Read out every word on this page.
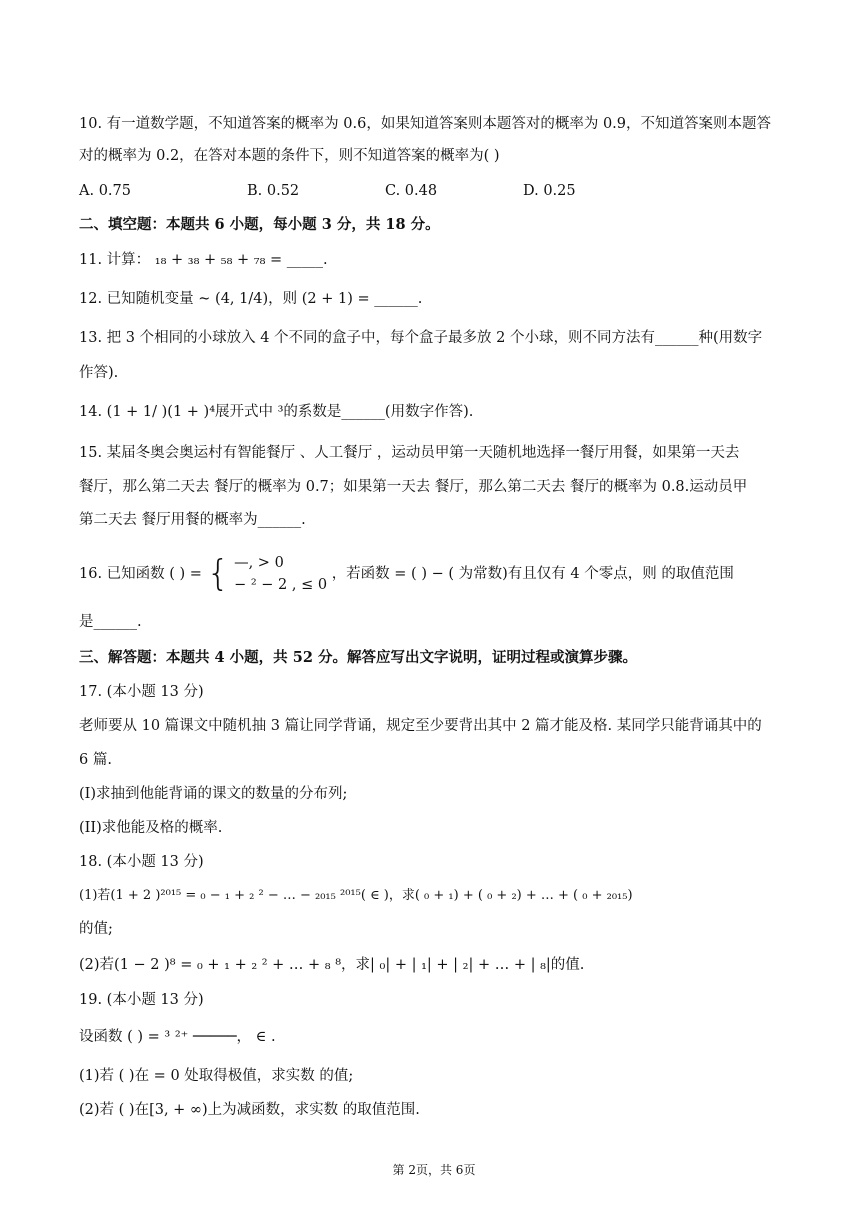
10. 有一道数学题，不知道答案的概率为 0.6，如果知道答案则本题答对的概率为 0.9，不知道答案则本题答
对的概率为 0.2，在答对本题的条件下，则不知道答案的概率为( )
A. 0.75	B. 0.52	C. 0.48	D. 0.25
二、填空题：本题共 6 小题，每小题 3 分，共 18 分。
11. 计算： ₁₈ + ₃₈ + ₅₈ + ₇₈ = _____.
12. 已知随机变量 ~ (4, 1/4)，则 (2 + 1) = ______.
13. 把 3 个相同的小球放入 4 个不同的盒子中，每个盒子最多放 2 个小球，则不同方法有______种(用数字
作答).
14. (1 + 1/ )(1 + )⁴展开式中 ³的系数是______(用数字作答).
15. 某届冬奥会奥运村有智能餐厅 、人工餐厅 ，运动员甲第一天随机地选择一餐厅用餐，如果第一天去
餐厅，那么第二天去 餐厅的概率为 0.7；如果第一天去 餐厅，那么第二天去 餐厅的概率为 0.8.运动员甲
第二天去 餐厅用餐的概率为______.
16. 已知函数 ( ) = { —, > 0
− ² − 2 , ≤ 0
，若函数 = ( ) − ( 为常数)有且仅有 4 个零点，则 的取值范围
是______.
三、解答题：本题共 4 小题，共 52 分。解答应写出文字说明，证明过程或演算步骤。
17. (本小题 13 分)
老师要从 10 篇课文中随机抽 3 篇让同学背诵，规定至少要背出其中 2 篇才能及格. 某同学只能背诵其中的
6 篇.
(I)求抽到他能背诵的课文的数量的分布列;
(II)求他能及格的概率.
18. (本小题 13 分)
(1)若(1 + 2 )²⁰¹⁵ = ₀ − ₁ + ₂ ² − … − ₂₀₁₅ ²⁰¹⁵( ∈ )，求( ₀ + ₁) + ( ₀ + ₂) + … + ( ₀ + ₂₀₁₅)
的值;
(2)若(1 − 2 )⁸ = ₀ + ₁ + ₂ ² + … + ₈ ⁸，求| ₀| + | ₁| + | ₂| + … + | ₈|的值.
19. (本小题 13 分)
设函数 ( ) = ³ ²⁺ ─────， ∈ .
(1)若 ( )在 = 0 处取得极值，求实数 的值;
(2)若 ( )在[3, + ∞)上为减函数，求实数 的取值范围.
第 2页，共 6页
